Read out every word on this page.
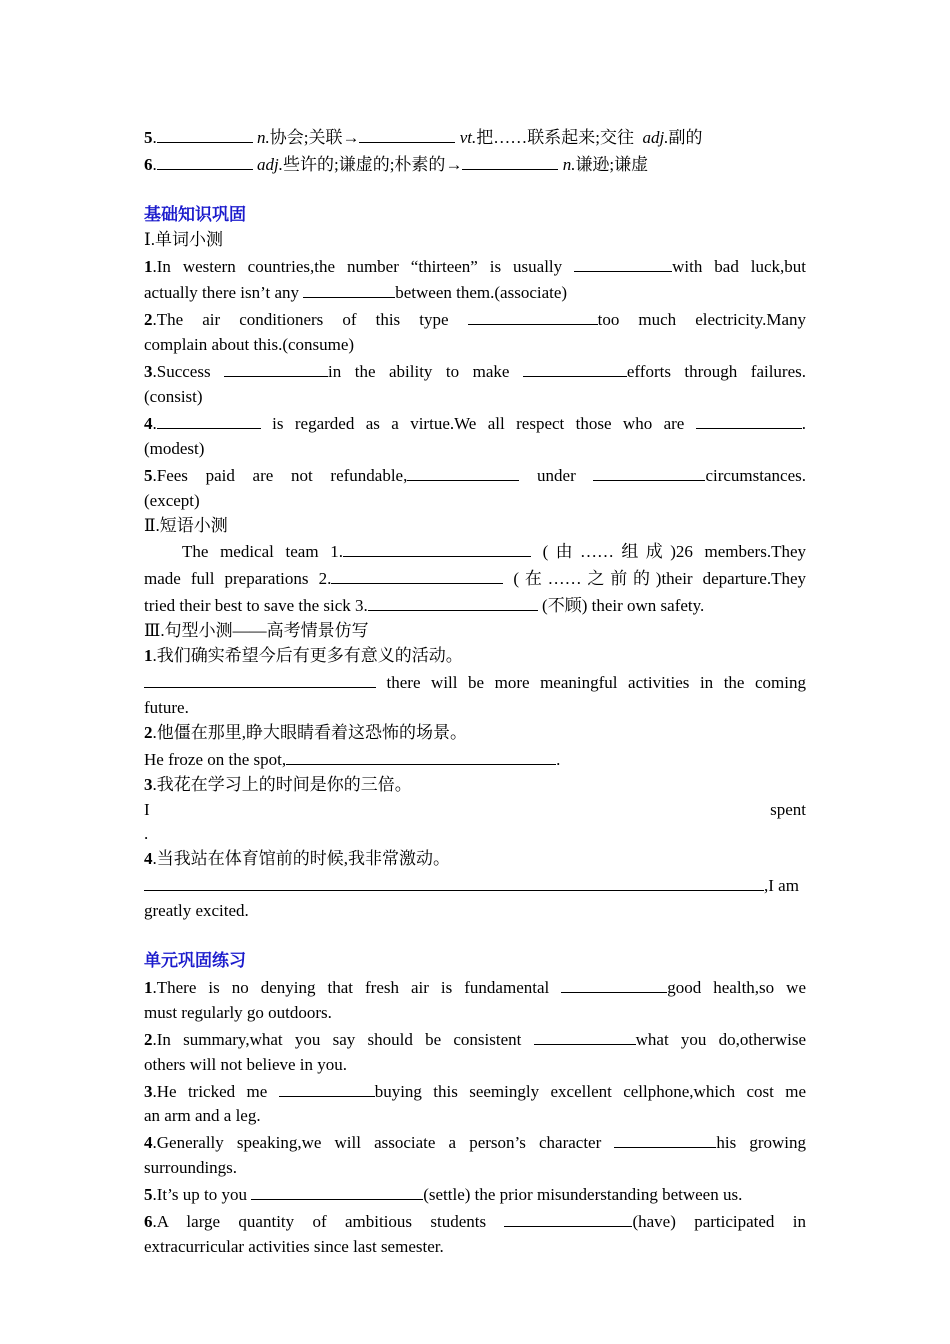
5.	n.协会;关联→	vt.把……联系起来;交往 adj.副的
6.	adj.些许的;谦虚的;朴素的→	n.谦逊;谦虚
基础知识巩固
Ⅰ.单词小测
1.In western countries,the number “thirteen” is usually	with bad luck,but
actually there isn’t any	between them.(associate)
2.The air conditioners of this type	too much electricity.Many
complain about this.(consume)
3.Success	in the ability to make	efforts through failures.
(consist)
4.	is regarded as a virtue.We all respect those who are	.
(modest)
5.Fees paid are not refundable,	under	circumstances.
(except)
Ⅱ.短语小测
The medical team 1.	(由……组成)26 members.They
made full preparations 2.	(在……之前的)their departure.They
tried their best to save the sick 3.	(不顾) their own safety.
Ⅲ.句型小测——高考情景仿写
1.我们确实希望今后有更多有意义的活动。
there will be more meaningful activities in the coming
future.
2.他僵在那里,睁大眼睛看着这恐怖的场景。
He froze on the spot,	.
3.我花在学习上的时间是你的三倍。
I	spent
.
4.当我站在体育馆前的时候,我非常激动。
,I am
greatly excited.
单元巩固练习
1.There is no denying that fresh air is fundamental	good health,so we
must regularly go outdoors.
2.In summary,what you say should be consistent	what you do,otherwise
others will not believe in you.
3.He tricked me	buying this seemingly excellent cellphone,which cost me
an arm and a leg.
4.Generally speaking,we will associate a person’s character	his growing
surroundings.
5.It’s up to you	(settle) the prior misunderstanding between us.
6.A large quantity of ambitious students	(have) participated in
extracurricular activities since last semester.
